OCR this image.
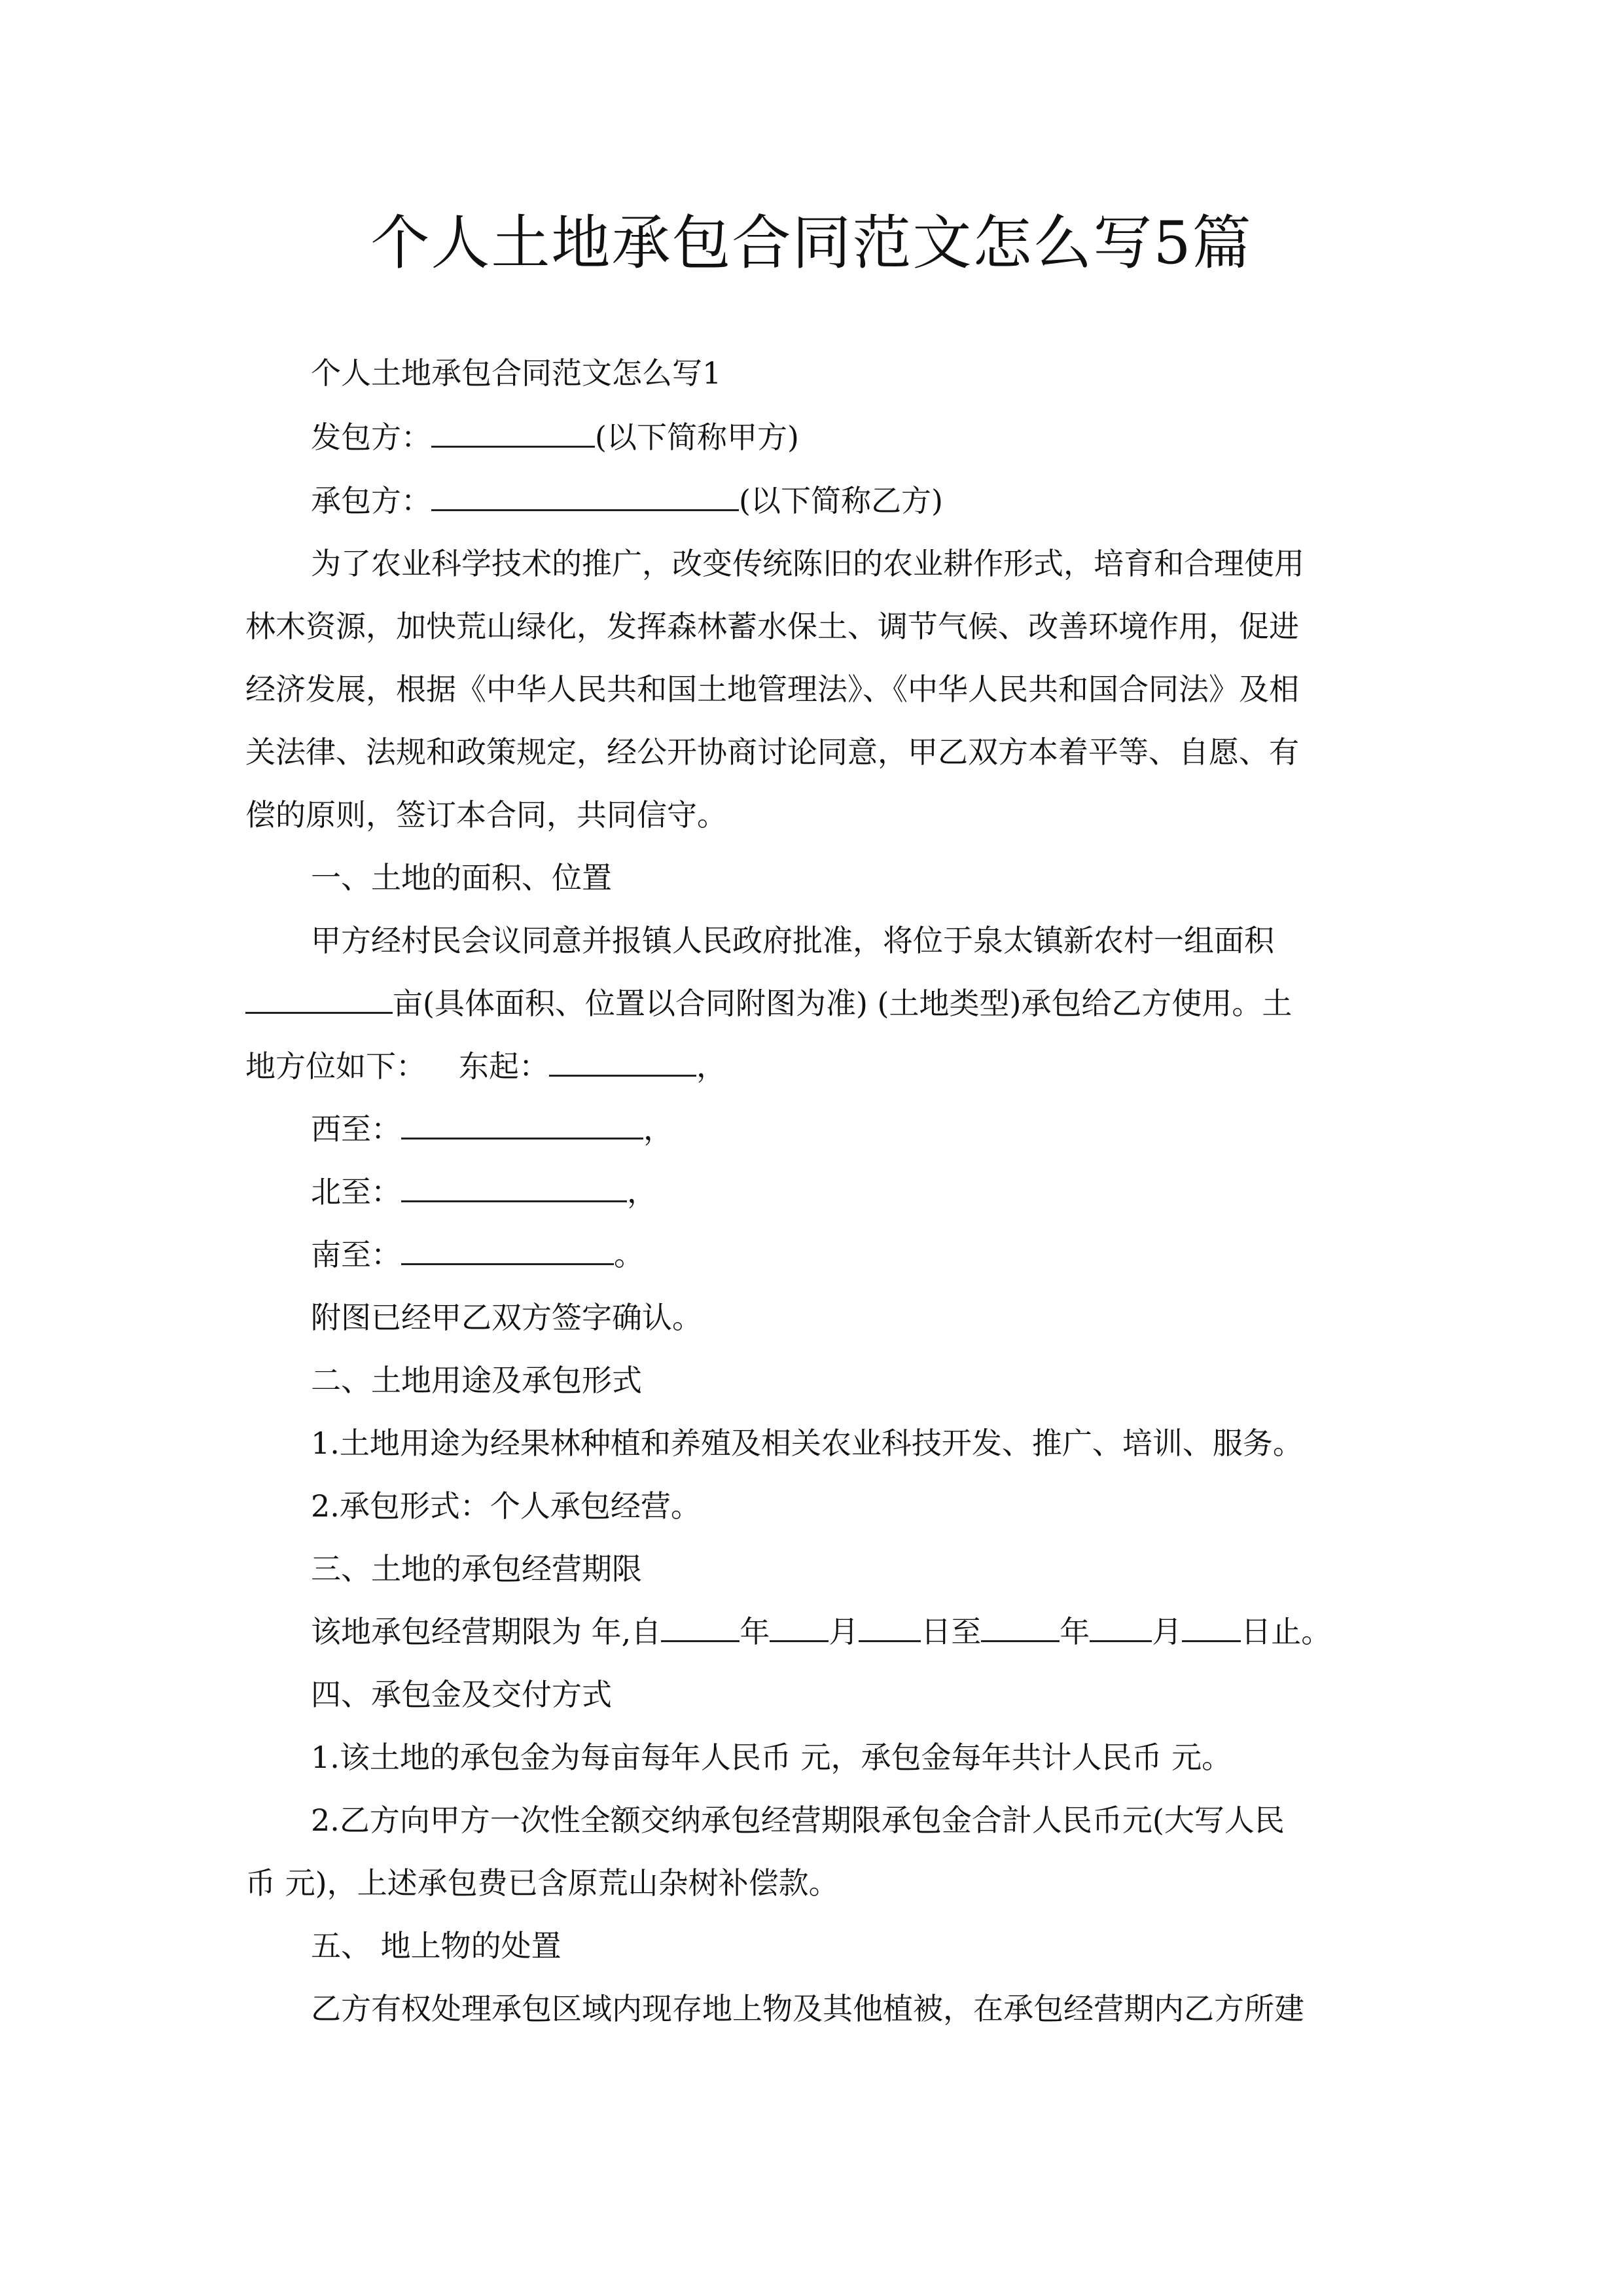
个人土地承包合同范文怎么写5篇
个人土地承包合同范文怎么写1
发包方：	(以下简称甲方)
承包方：	(以下简称乙方)
为了农业科学技术的推广，改变传统陈旧的农业耕作形式，培育和合理使用
林木资源，加快荒山绿化，发挥森林蓄水保土、调节气候、改善环境作用，促进
经济发展，根据《中华人民共和国土地管理法》、《中华人民共和国合同法》及相
关法律、法规和政策规定，经公开协商讨论同意，甲乙双方本着平等、自愿、有
偿的原则，签订本合同，共同信守。
一、土地的面积、位置
甲方经村民会议同意并报镇人民政府批准，将位于泉太镇新农村一组面积
亩(具体面积、位置以合同附图为准) (土地类型)承包给乙方使用。土
地方位如下： 东起：	，
西至：	，
北至：	，
南至：	。
附图已经甲乙双方签字确认。
二、土地用途及承包形式
1.土地用途为经果林种植和养殖及相关农业科技开发、推广、培训、服务。
2.承包形式：个人承包经营。
三、土地的承包经营期限
该地承包经营期限为 年,自	年 月 日至	年 月 日止。
四、承包金及交付方式
1.该土地的承包金为每亩每年人民币 元，承包金每年共计人民币 元。
2.乙方向甲方一次性全额交纳承包经营期限承包金合計人民币元(大写人民
币 元)，上述承包费已含原荒山杂树补偿款。
五、 地上物的处置
乙方有权处理承包区域内现存地上物及其他植被，在承包经营期内乙方所建
